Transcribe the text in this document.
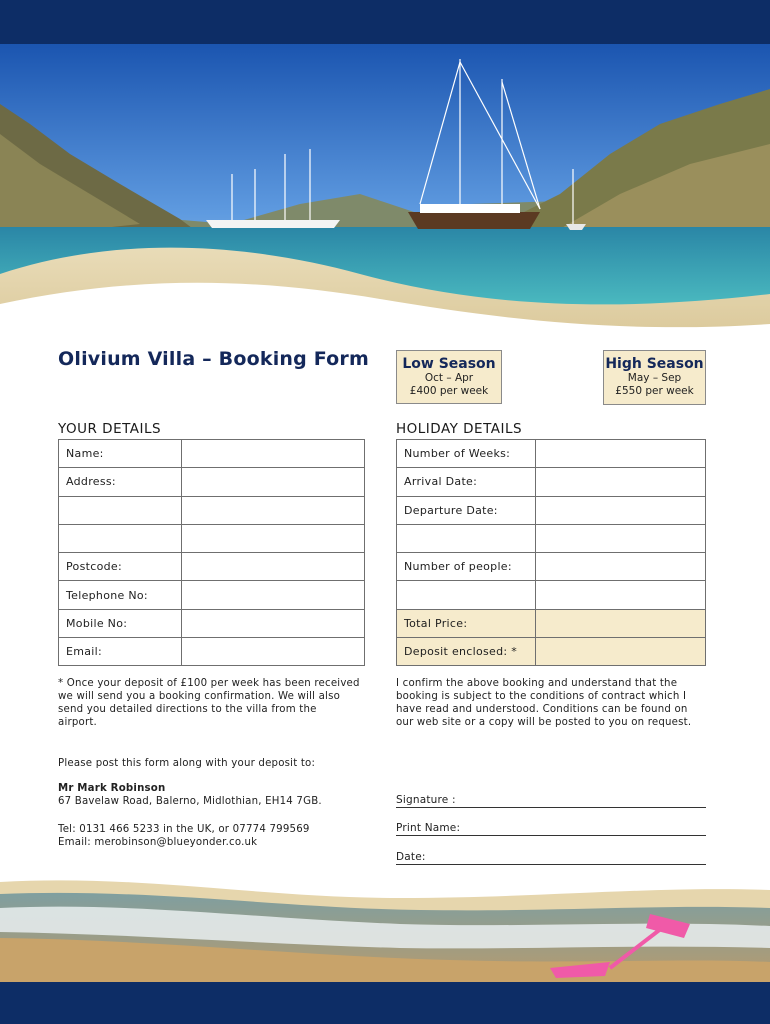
Olivium Villa – Booking Form	Low Season
Oct – Apr
£400 per week
High Season
May – Sep
£550 per week
YOUR DETAILS	HOLIDAY DETAILS
Name:	
Address:	

Postcode:	
Telephone No:	
Mobile No:	
Email:	
Number of Weeks:	
Arrival Date:	
Departure Date:	

Number of people:	

Total Price:	
Deposit enclosed: *	
* Once your deposit of £100 per week has been received
we will send you a booking confirmation. We will also
send you detailed directions to the villa from the
airport.
I confirm the above booking and understand that the
booking is subject to the conditions of contract which I
have read and understood. Conditions can be found on
our web site or a copy will be posted to you on request.
Please post this form along with your deposit to:
Mr Mark Robinson
67 Bavelaw Road, Balerno, Midlothian, EH14 7GB.
Tel: 0131 466 5233 in the UK, or 07774 799569
Email: merobinson@blueyonder.co.uk
Signature :
Print Name:
Date:
